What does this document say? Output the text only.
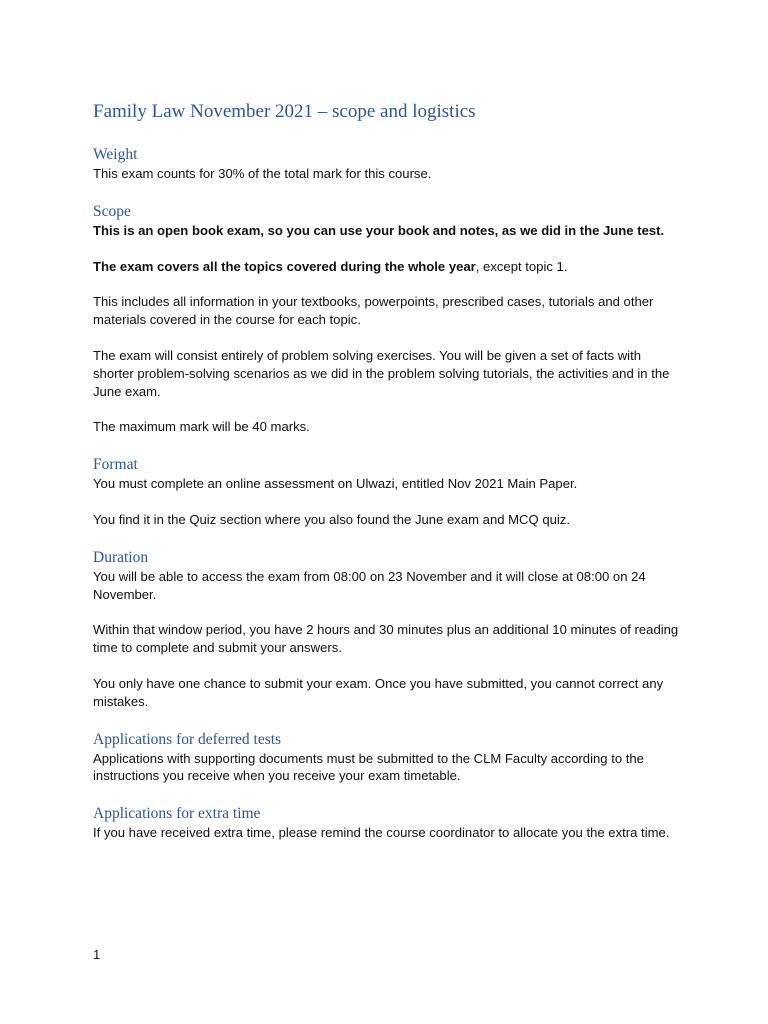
Family Law November 2021 – scope and logistics
Weight

This exam counts for 30% of the total mark for this course.

Scope

This is an open book exam, so you can use your book and notes, as we did in the June test.

The exam covers all the topics covered during the whole year, except topic 1.

This includes all information in your textbooks, powerpoints, prescribed cases, tutorials and other materials covered in the course for each topic.

The exam will consist entirely of problem solving exercises. You will be given a set of facts with shorter problem-solving scenarios as we did in the problem solving tutorials, the activities and in the June exam.

The maximum mark will be 40 marks.

Format

You must complete an online assessment on Ulwazi, entitled Nov 2021 Main Paper.

You find it in the Quiz section where you also found the June exam and MCQ quiz.

Duration

You will be able to access the exam from 08:00 on 23 November and it will close at 08:00 on 24 November.

Within that window period, you have 2 hours and 30 minutes plus an additional 10 minutes of reading time to complete and submit your answers.

You only have one chance to submit your exam. Once you have submitted, you cannot correct any mistakes.

Applications for deferred tests

Applications with supporting documents must be submitted to the CLM Faculty according to the instructions you receive when you receive your exam timetable.

Applications for extra time

If you have received extra time, please remind the course coordinator to allocate you the extra time.

1
